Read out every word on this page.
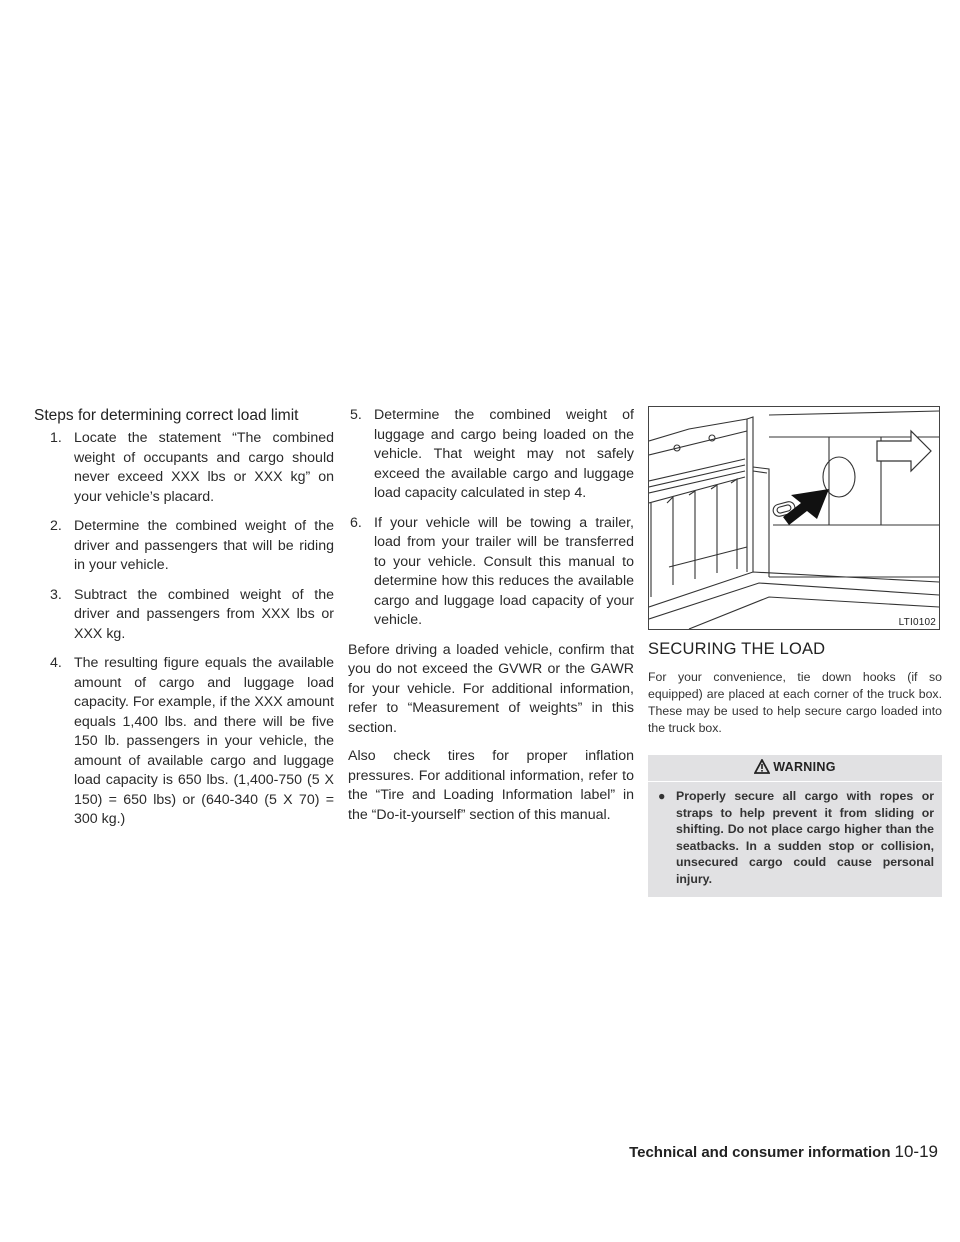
Steps for determining correct load limit
1. Locate the statement “The combined weight of occupants and cargo should never exceed XXX lbs or XXX kg” on your vehicle’s placard.
2. Determine the combined weight of the driver and passengers that will be riding in your vehicle.
3. Subtract the combined weight of the driver and passengers from XXX lbs or XXX kg.
4. The resulting figure equals the available amount of cargo and luggage load capacity. For example, if the XXX amount equals 1,400 lbs. and there will be five 150 lb. passengers in your vehicle, the amount of available cargo and luggage load capacity is 650 lbs. (1,400-750 (5 X 150) = 650 lbs) or (640-340 (5 X 70) = 300 kg.)
5. Determine the combined weight of luggage and cargo being loaded on the vehicle. That weight may not safely exceed the available cargo and luggage load capacity calculated in step 4.
6. If your vehicle will be towing a trailer, load from your trailer will be transferred to your vehicle. Consult this manual to determine how this reduces the available cargo and luggage load capacity of your vehicle.

Before driving a loaded vehicle, confirm that you do not exceed the GVWR or the GAWR for your vehicle. For additional information, refer to “Measurement of weights” in this section.

Also check tires for proper inflation pressures. For additional information, refer to the “Tire and Loading Information label” in the “Do-it-yourself” section of this manual.

LTI0102
SECURING THE LOAD

For your convenience, tie down hooks (if so equipped) are placed at each corner of the truck box. These may be used to help secure cargo loaded into the truck box.

WARNING
● Properly secure all cargo with ropes or straps to help prevent it from sliding or shifting. Do not place cargo higher than the seatbacks. In a sudden stop or collision, unsecured cargo could cause personal injury.
Technical and consumer information 10-19
